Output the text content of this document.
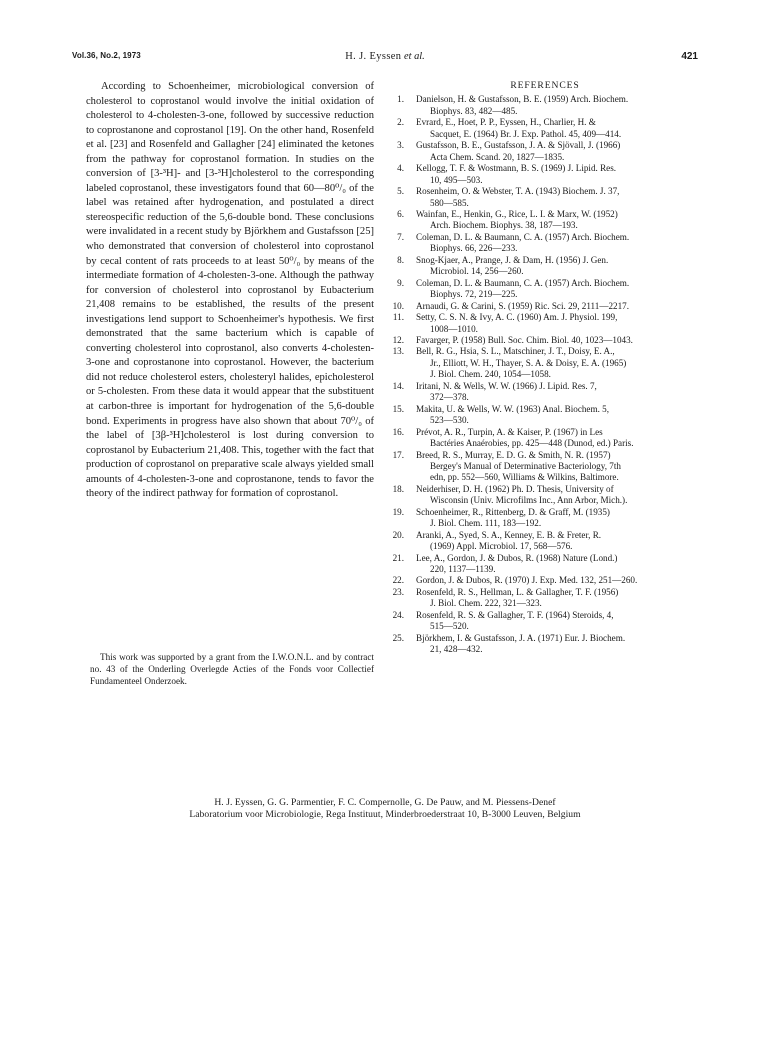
Vol.36, No.2, 1973	H. J. Eyssen et al.	421

According to Schoenheimer, microbiological conversion of cholesterol to coprostanol would involve the initial oxidation of cholesterol to 4-cholesten-3-one, followed by successive reduction to coprostanone and coprostanol [19]. On the other hand, Rosenfeld et al. [23] and Rosenfeld and Gallagher [24] eliminated the ketones from the pathway for coprostanol formation. In studies on the conversion of [3-³H]- and [3-³H]cholesterol to the corresponding labeled coprostanol, these investigators found that 60—80⁰/₀ of the label was retained after hydrogenation, and postulated a direct stereospecific reduction of the 5,6-double bond. These conclusions were invalidated in a recent study by Björkhem and Gustafsson [25] who demonstrated that conversion of cholesterol into coprostanol by cecal content of rats proceeds to at least 50⁰/₀ by means of the intermediate formation of 4-cholesten-3-one. Although the pathway for conversion of cholesterol into coprostanol by Eubacterium 21,408 remains to be established, the results of the present investigations lend support to Schoenheimer's hypothesis. We first demonstrated that the same bacterium which is capable of converting cholesterol into coprostanol, also converts 4-cholesten-3-one and coprostanone into coprostanol. However, the bacterium did not reduce cholesterol esters, cholesteryl halides, epicholesterol or 5-cholesten. From these data it would appear that the substituent at carbon-three is important for hydrogenation of the 5,6-double bond. Experiments in progress have also shown that about 70⁰/₀ of the label of [3β-³H]cholesterol is lost during conversion to coprostanol by Eubacterium 21,408. This, together with the fact that production of coprostanol on preparative scale always yielded small amounts of 4-cholesten-3-one and coprostanone, tends to favor the theory of the indirect pathway for formation of coprostanol.

This work was supported by a grant from the I.W.O.N.L. and by contract no. 43 of the Onderling Overlegde Acties of the Fonds voor Collectief Fundamenteel Onderzoek.

REFERENCES
1. Danielson, H. & Gustafsson, B. E. (1959) Arch. Biochem.
Biophys. 83, 482—485.
2. Evrard, E., Hoet, P. P., Eyssen, H., Charlier, H. &
Sacquet, E. (1964) Br. J. Exp. Pathol. 45, 409—414.
3. Gustafsson, B. E., Gustafsson, J. A. & Sjövall, J. (1966)
Acta Chem. Scand. 20, 1827—1835.
4. Kellogg, T. F. & Wostmann, B. S. (1969) J. Lipid. Res.
10, 495—503.
5. Rosenheim, O. & Webster, T. A. (1943) Biochem. J. 37,
580—585.
6. Wainfan, E., Henkin, G., Rice, L. I. & Marx, W. (1952)
Arch. Biochem. Biophys. 38, 187—193.
7. Coleman, D. L. & Baumann, C. A. (1957) Arch. Biochem.
Biophys. 66, 226—233.
8. Snog-Kjaer, A., Prange, J. & Dam, H. (1956) J. Gen.
Microbiol. 14, 256—260.
9. Coleman, D. L. & Baumann, C. A. (1957) Arch. Biochem.
Biophys. 72, 219—225.
10. Arnaudi, G. & Carini, S. (1959) Ric. Sci. 29, 2111—2217.
11. Setty, C. S. N. & Ivy, A. C. (1960) Am. J. Physiol. 199,
1008—1010.
12. Favarger, P. (1958) Bull. Soc. Chim. Biol. 40, 1023—1043.
13. Bell, R. G., Hsia, S. L., Matschiner, J. T., Doisy, E. A.,
Jr., Elliott, W. H., Thayer, S. A. & Doisy, E. A. (1965)
J. Biol. Chem. 240, 1054—1058.
14. Iritani, N. & Wells, W. W. (1966) J. Lipid. Res. 7,
372—378.
15. Makita, U. & Wells, W. W. (1963) Anal. Biochem. 5,
523—530.
16. Prévot, A. R., Turpin, A. & Kaiser, P. (1967) in Les
Bactéries Anaérobies, pp. 425—448 (Dunod, ed.) Paris.
17. Breed, R. S., Murray, E. D. G. & Smith, N. R. (1957)
Bergey's Manual of Determinative Bacteriology, 7th
edn, pp. 552—560, Williams & Wilkins, Baltimore.
18. Neiderhiser, D. H. (1962) Ph. D. Thesis, University of
Wisconsin (Univ. Microfilms Inc., Ann Arbor, Mich.).
19. Schoenheimer, R., Rittenberg, D. & Graff, M. (1935)
J. Biol. Chem. 111, 183—192.
20. Aranki, A., Syed, S. A., Kenney, E. B. & Freter, R.
(1969) Appl. Microbiol. 17, 568—576.
21. Lee, A., Gordon, J. & Dubos, R. (1968) Nature (Lond.)
220, 1137—1139.
22. Gordon, J. & Dubos, R. (1970) J. Exp. Med. 132, 251—260.
23. Rosenfeld, R. S., Hellman, L. & Gallagher, T. F. (1956)
J. Biol. Chem. 222, 321—323.
24. Rosenfeld, R. S. & Gallagher, T. F. (1964) Steroids, 4,
515—520.
25. Björkhem, I. & Gustafsson, J. A. (1971) Eur. J. Biochem.
21, 428—432.
H. J. Eyssen, G. G. Parmentier, F. C. Compernolle, G. De Pauw, and M. Piessens-Denef
Laboratorium voor Microbiologie, Rega Instituut, Minderbroederstraat 10, B-3000 Leuven, Belgium
